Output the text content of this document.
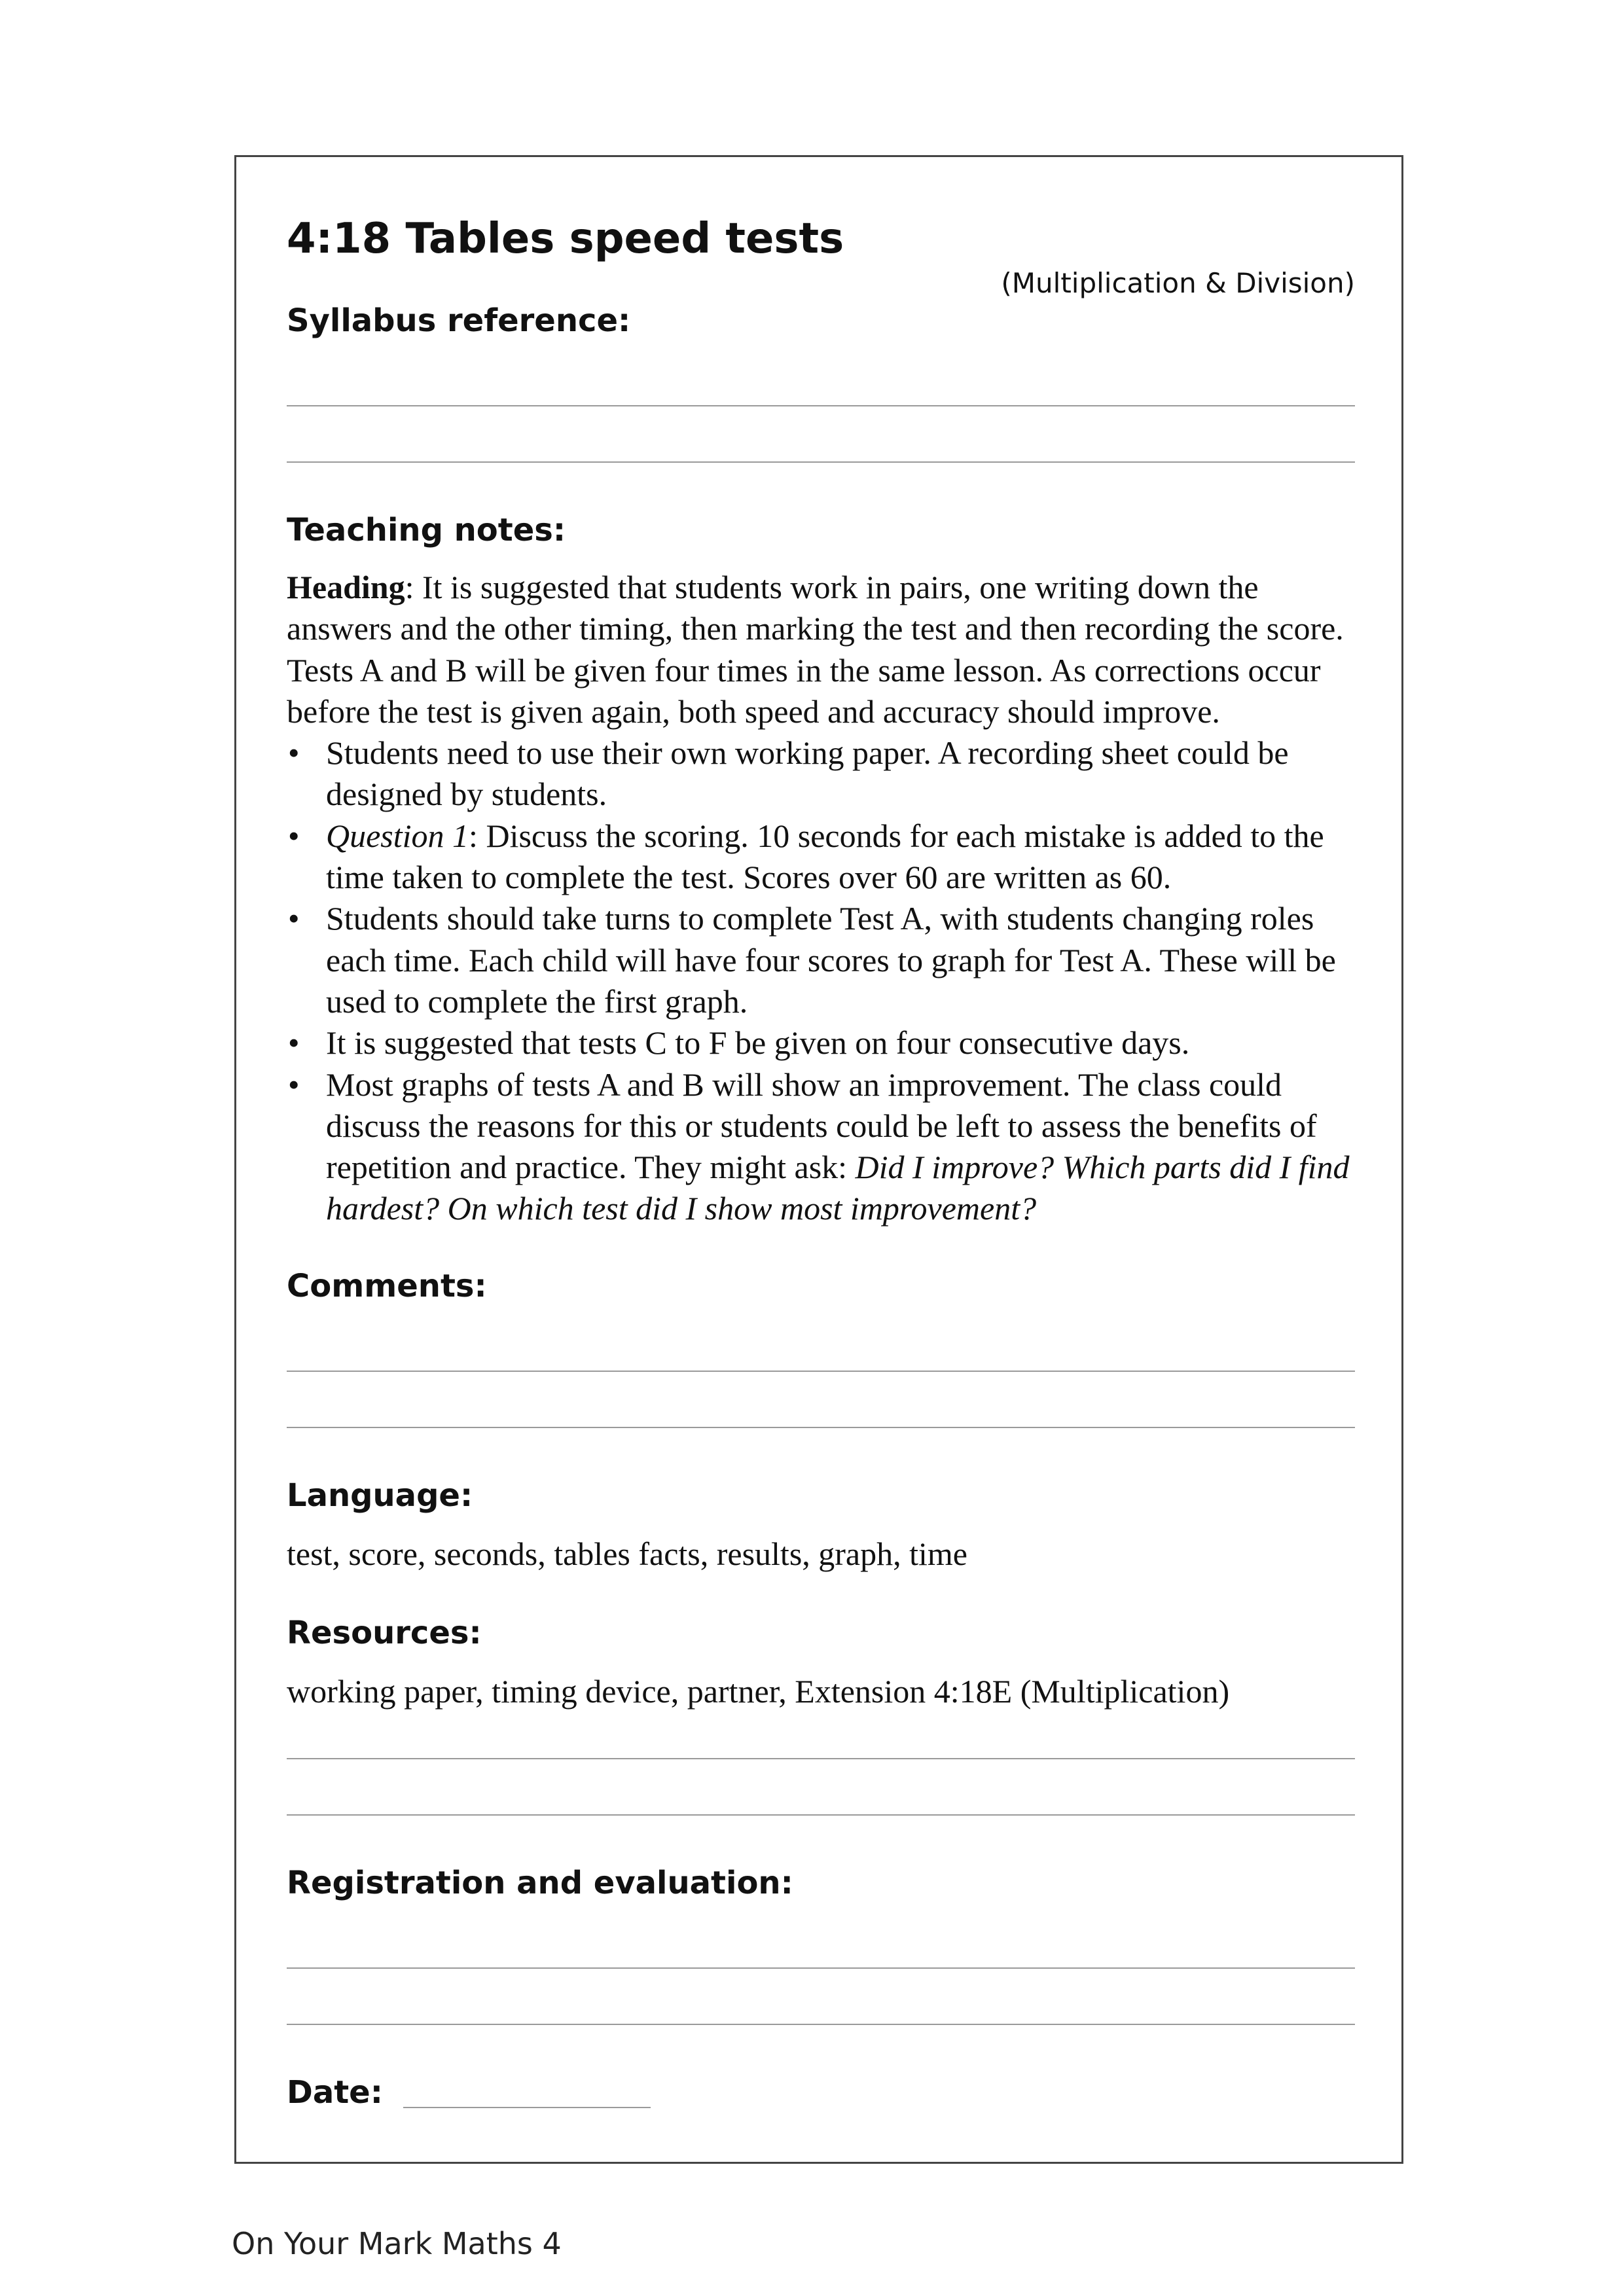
4:18 Tables speed tests
(Multiplication & Division)
Syllabus reference:
Teaching notes:

Heading: It is suggested that students work in pairs, one writing down the answers and the other timing, then marking the test and then recording the score. Tests A and B will be given four times in the same lesson. As corrections occur before the test is given again, both speed and accuracy should improve.

• Students need to use their own working paper. A recording sheet could be designed by students.
• Question 1: Discuss the scoring. 10 seconds for each mistake is added to the time taken to complete the test. Scores over 60 are written as 60.
• Students should take turns to complete Test A, with students changing roles each time. Each child will have four scores to graph for Test A. These will be used to complete the first graph.
• It is suggested that tests C to F be given on four consecutive days.
• Most graphs of tests A and B will show an improvement. The class could discuss the reasons for this or students could be left to assess the benefits of repetition and practice. They might ask: Did I improve? Which parts did I find hardest? On which test did I show most improvement?
Comments:
Language:
test, score, seconds, tables facts, results, graph, time
Resources:
working paper, timing device, partner, Extension 4:18E (Multiplication)
Registration and evaluation:
Date:
On Your Mark Maths 4
